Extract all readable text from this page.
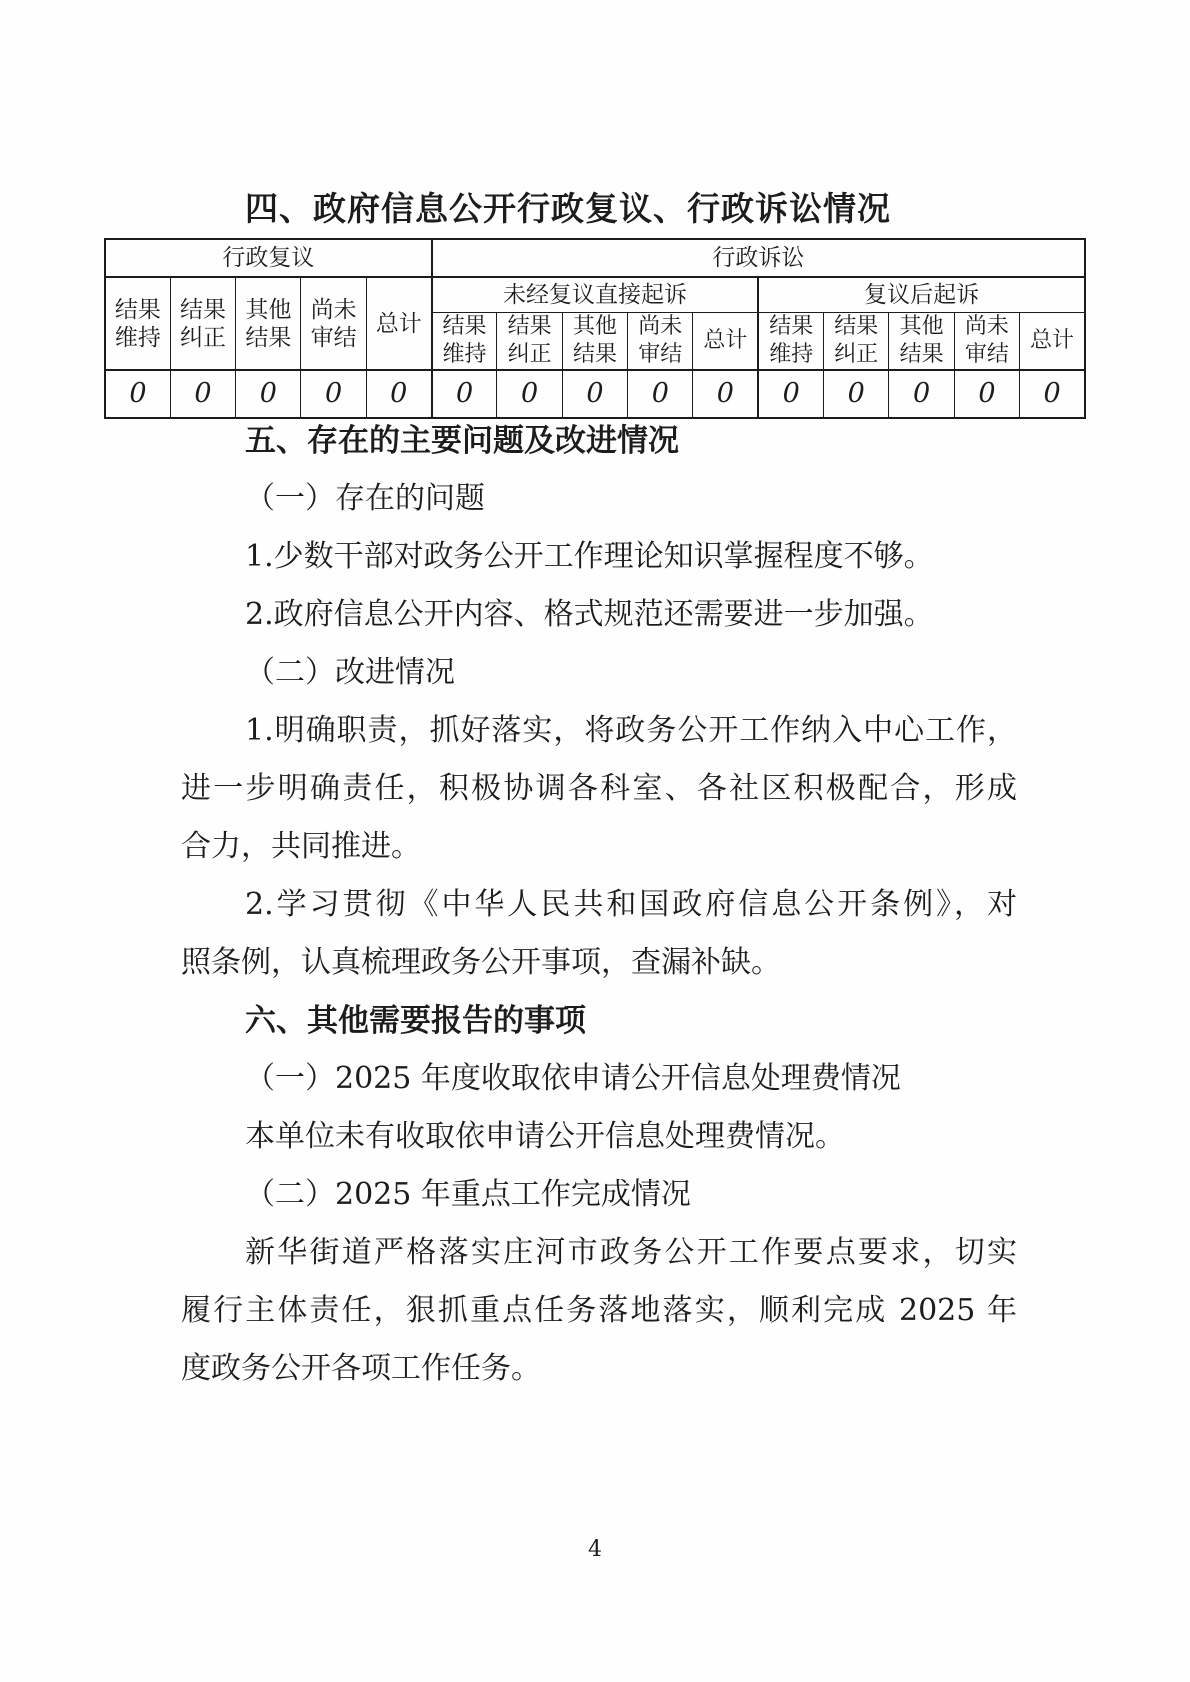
四、政府信息公开行政复议、行政诉讼情况
行政复议					行政诉讼									
结果维持	结果纠正	其他结果	尚未审结	总计	未经复议直接起诉					复议后起诉				
					结果维持	结果纠正	其他结果	尚未审结	总计	结果维持	结果纠正	其他结果	尚未审结	总计
0	0	0	0	0	0	0	0	0	0	0	0	0	0	0
五、存在的主要问题及改进情况
（一）存在的问题
1.少数干部对政务公开工作理论知识掌握程度不够。
2.政府信息公开内容、格式规范还需要进一步加强。
（二）改进情况
1.明确职责，抓好落实，将政务公开工作纳入中心工作，
进一步明确责任，积极协调各科室、各社区积极配合，形成
合力，共同推进。
2.学习贯彻《中华人民共和国政府信息公开条例》，对
照条例，认真梳理政务公开事项，查漏补缺。
六、其他需要报告的事项
（一）2025 年度收取依申请公开信息处理费情况
本单位未有收取依申请公开信息处理费情况。
（二）2025 年重点工作完成情况
新华街道严格落实庄河市政务公开工作要点要求，切实
履行主体责任，狠抓重点任务落地落实，顺利完成 2025 年
度政务公开各项工作任务。
4
